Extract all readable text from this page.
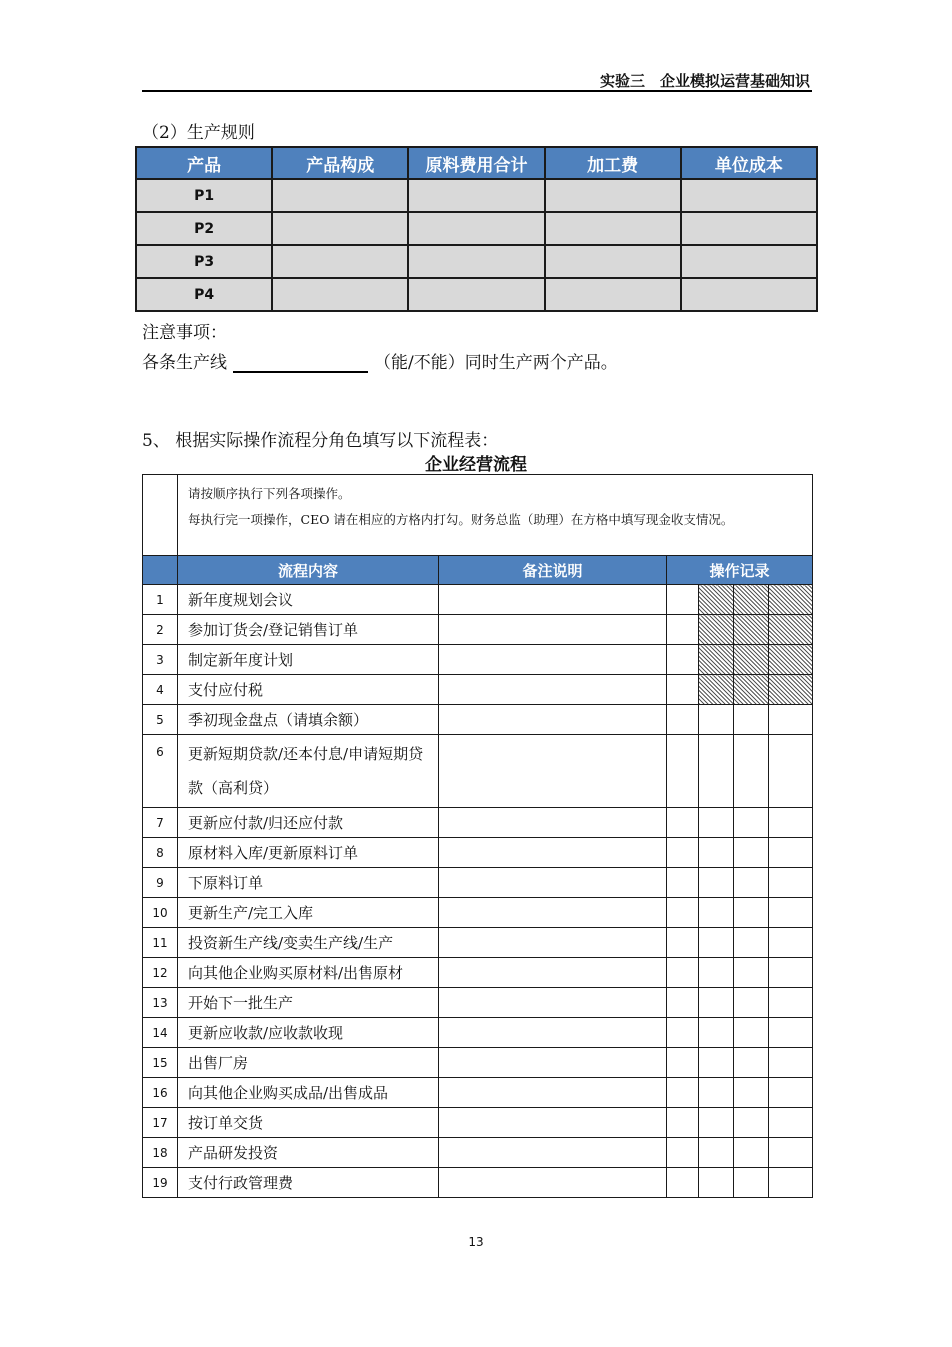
实验三　企业模拟运营基础知识
（2）生产规则
产品	产品构成	原料费用合计	加工费	单位成本
P1				
P2				
P3				
P4				
注意事项：
各条生产线	（能/不能）同时生产两个产品。
5、 根据实际操作流程分角色填写以下流程表：
企业经营流程

	请按顺序执行下列各项操作。
每执行完一项操作，CEO 请在相应的方格内打勾。财务总监（助理）在方格中填写现金收支情况。					

	流程内容	备注说明	操作记录			
1	新年度规划会议					
2	参加订货会/登记销售订单					
3	制定新年度计划					
4	支付应付税					
5	季初现金盘点（请填余额）					
6	更新短期贷款/还本付息/申请短期贷款（高利贷）					
7	更新应付款/归还应付款					
8	原材料入库/更新原料订单					
9	下原料订单					
10	更新生产/完工入库					
11	投资新生产线/变卖生产线/生产					
12	向其他企业购买原材料/出售原材					
13	开始下一批生产					
14	更新应收款/应收款收现					
15	出售厂房					
16	向其他企业购买成品/出售成品					
17	按订单交货					
18	产品研发投资					
19	支付行政管理费					
13
